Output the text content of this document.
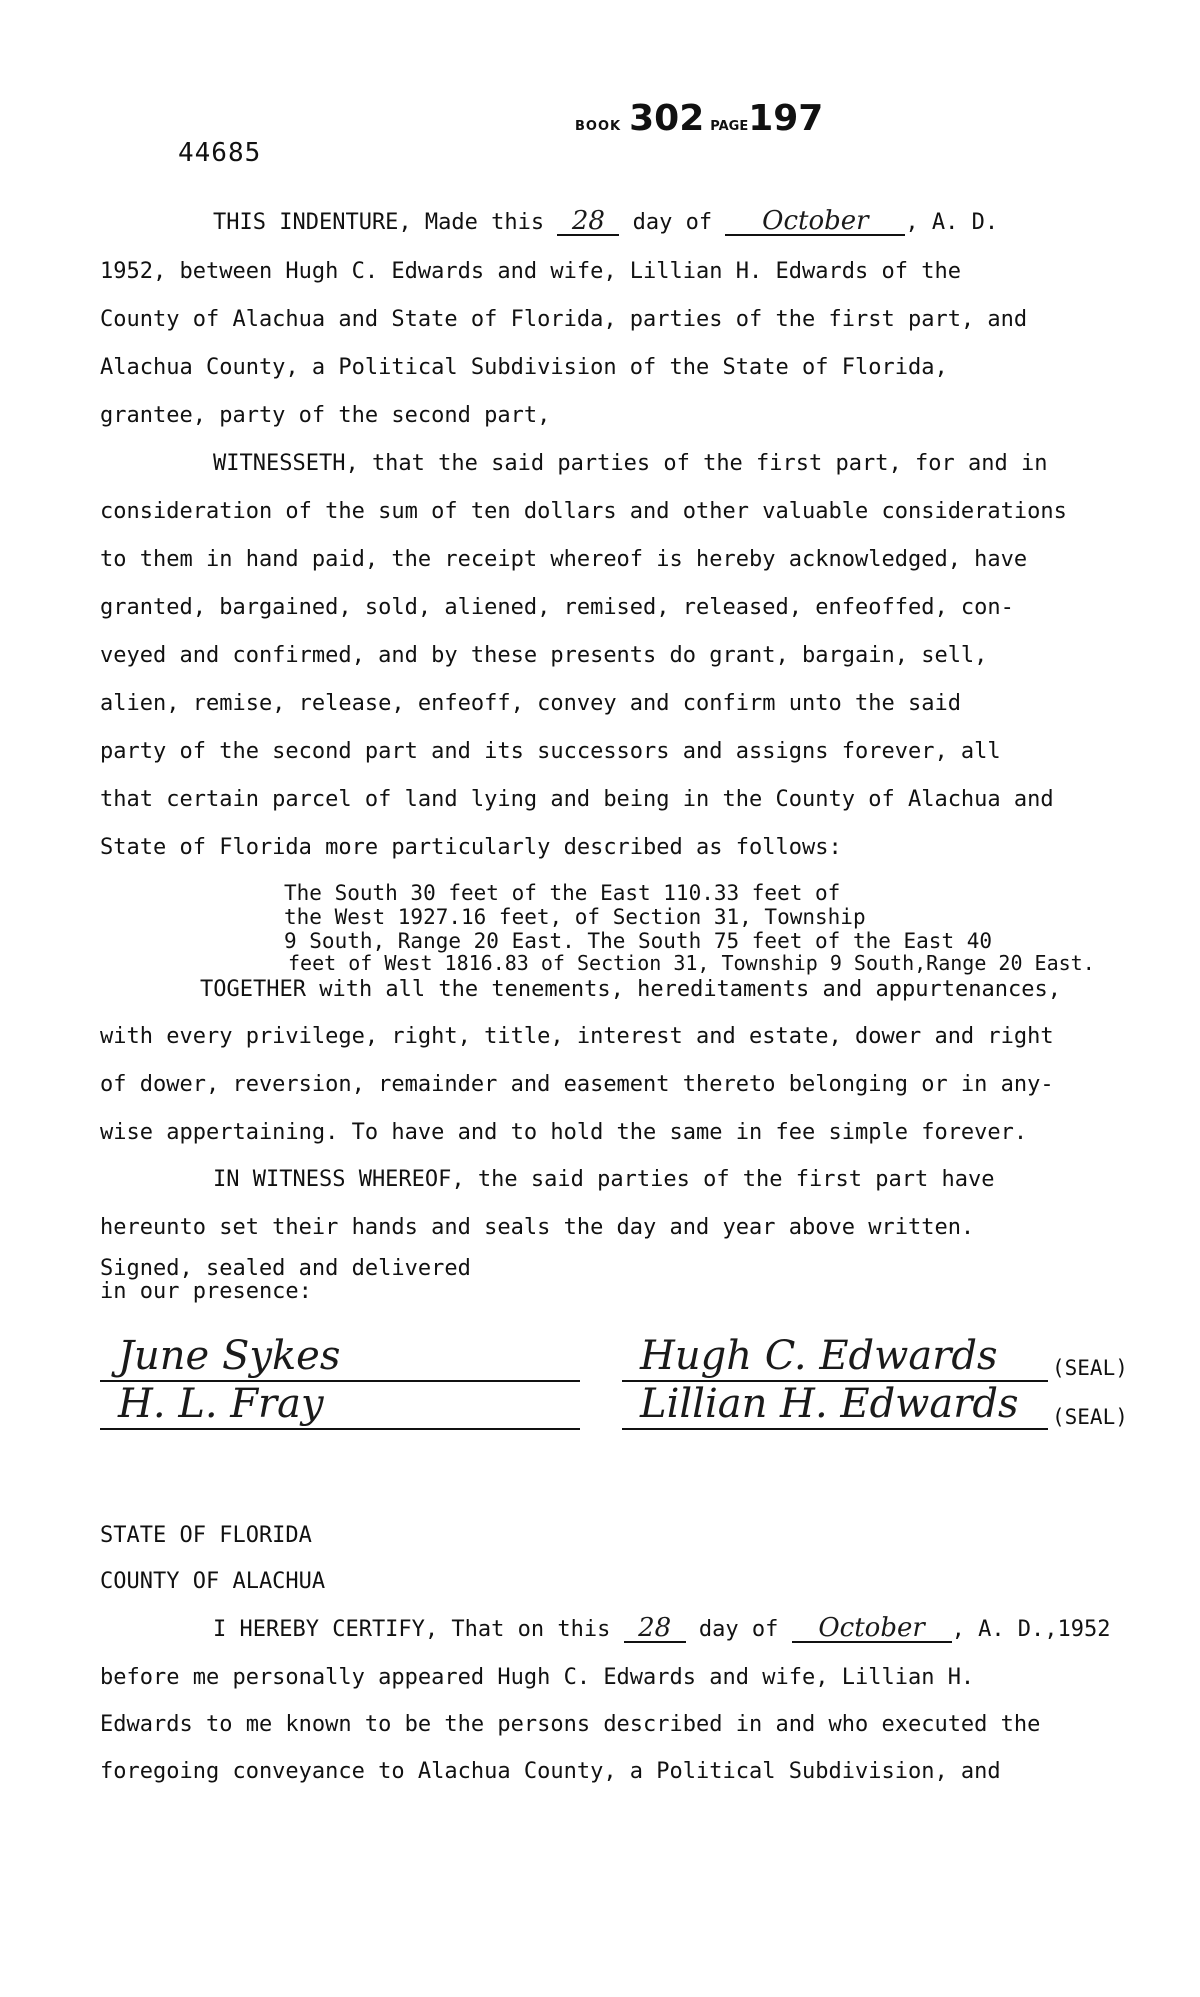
44685
BOOK 302 PAGE197
THIS INDENTURE, Made this 28 day of October , A. D.
1952, between Hugh C. Edwards and wife, Lillian H. Edwards of the
County of Alachua and State of Florida, parties of the first part, and
Alachua County, a Political Subdivision of the State of Florida,
grantee, party of the second part,
WITNESSETH, that the said parties of the first part, for and in
consideration of the sum of ten dollars and other valuable considerations
to them in hand paid, the receipt whereof is hereby acknowledged, have
granted, bargained, sold, aliened, remised, released, enfeoffed, con-
veyed and confirmed, and by these presents do grant, bargain, sell,
alien, remise, release, enfeoff, convey and confirm unto the said
party of the second part and its successors and assigns forever, all
that certain parcel of land lying and being in the County of Alachua and
State of Florida more particularly described as follows:
The South 30 feet of the East 110.33 feet of
the West 1927.16 feet, of Section 31, Township
9 South, Range 20 East. The South 75 feet of the East 40
feet of West 1816.83 of Section 31, Township 9 South,Range 20 East.
TOGETHER with all the tenements, hereditaments and appurtenances,
with every privilege, right, title, interest and estate, dower and right
of dower, reversion, remainder and easement thereto belonging or in any-
wise appertaining. To have and to hold the same in fee simple forever.
IN WITNESS WHEREOF, the said parties of the first part have
hereunto set their hands and seals the day and year above written.
Signed, sealed and delivered
in our presence:
June Sykes
H. L. Fray
Hugh C. Edwards
Lillian H. Edwards
(SEAL)
(SEAL)
STATE OF FLORIDA
COUNTY OF ALACHUA
I HEREBY CERTIFY, That on this 28 day of October , A. D.,1952
before me personally appeared Hugh C. Edwards and wife, Lillian H.
Edwards to me known to be the persons described in and who executed the
foregoing conveyance to Alachua County, a Political Subdivision, and
